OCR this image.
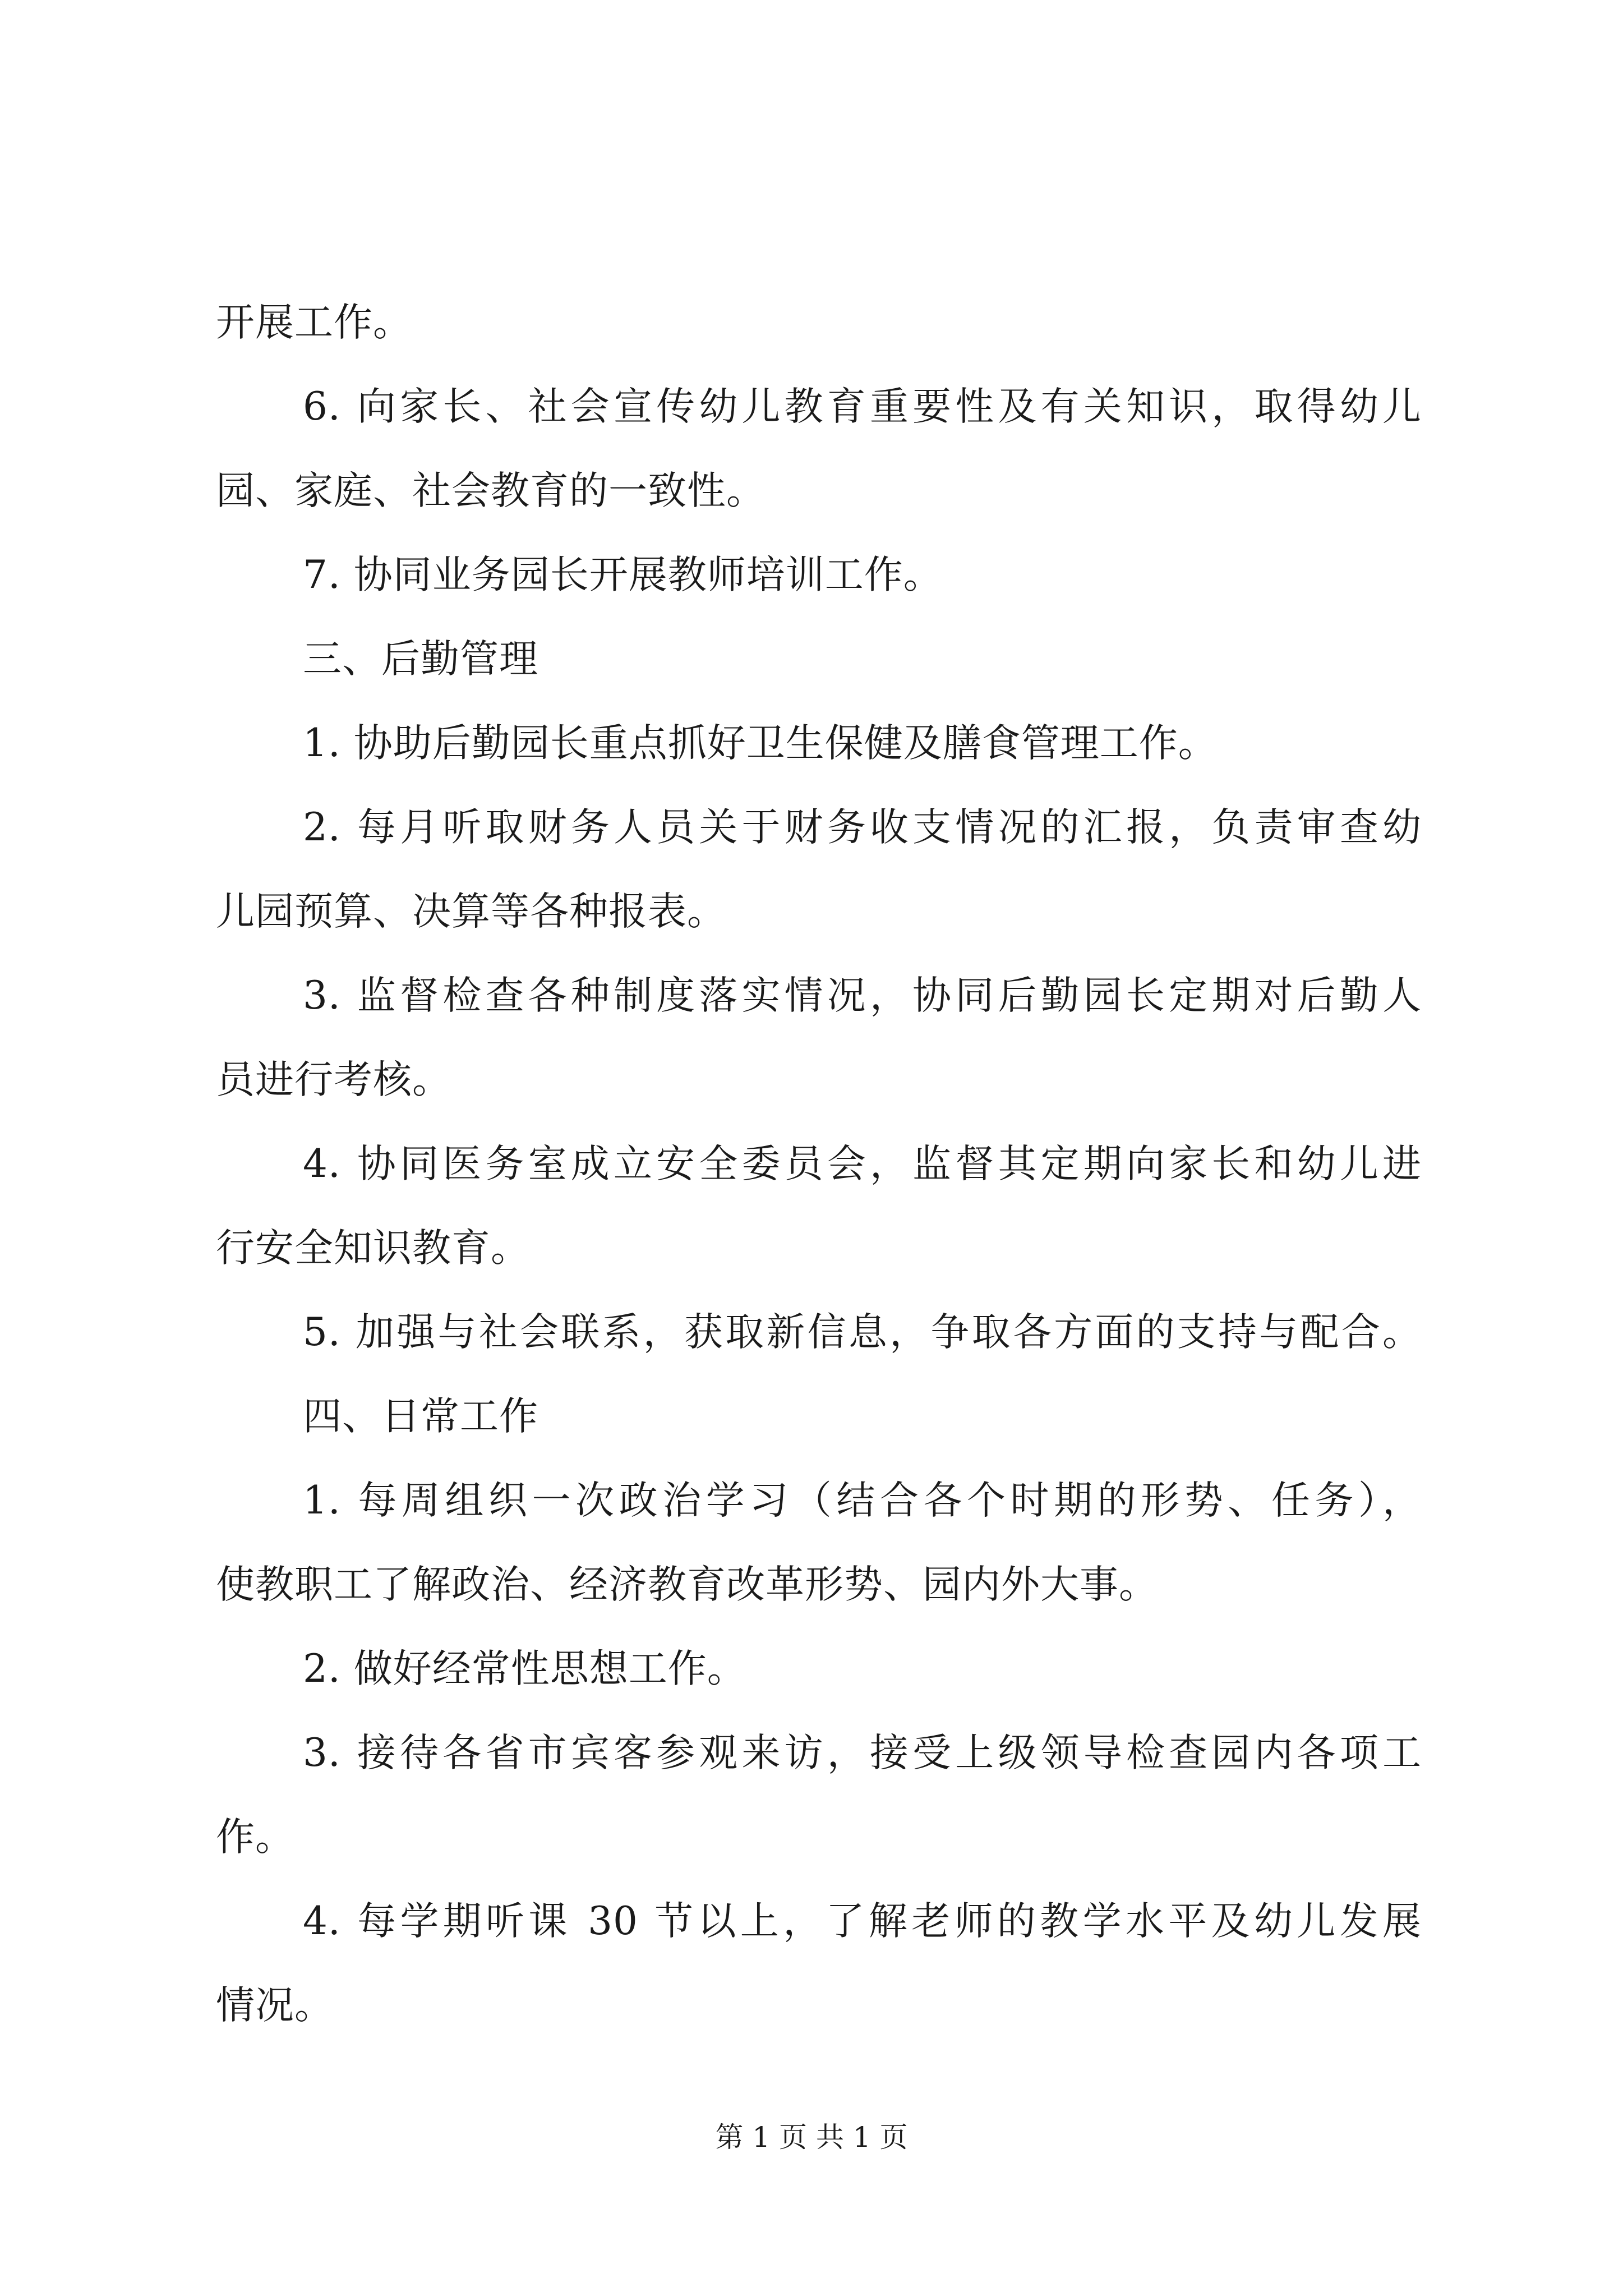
开展工作。
6. 向家长、社会宣传幼儿教育重要性及有关知识，取得幼儿
园、家庭、社会教育的一致性。
7. 协同业务园长开展教师培训工作。
三、后勤管理
1. 协助后勤园长重点抓好卫生保健及膳食管理工作。
2. 每月听取财务人员关于财务收支情况的汇报，负责审查幼
儿园预算、决算等各种报表。
3. 监督检查各种制度落实情况，协同后勤园长定期对后勤人
员进行考核。
4. 协同医务室成立安全委员会，监督其定期向家长和幼儿进
行安全知识教育。
5. 加强与社会联系，获取新信息，争取各方面的支持与配合。
四、日常工作
1. 每周组织一次政治学习（结合各个时期的形势、任务），
使教职工了解政治、经济教育改革形势、园内外大事。
2. 做好经常性思想工作。
3. 接待各省市宾客参观来访，接受上级领导检查园内各项工
作。
4. 每学期听课 30 节以上，了解老师的教学水平及幼儿发展
情况。
第 1 页 共 1 页
